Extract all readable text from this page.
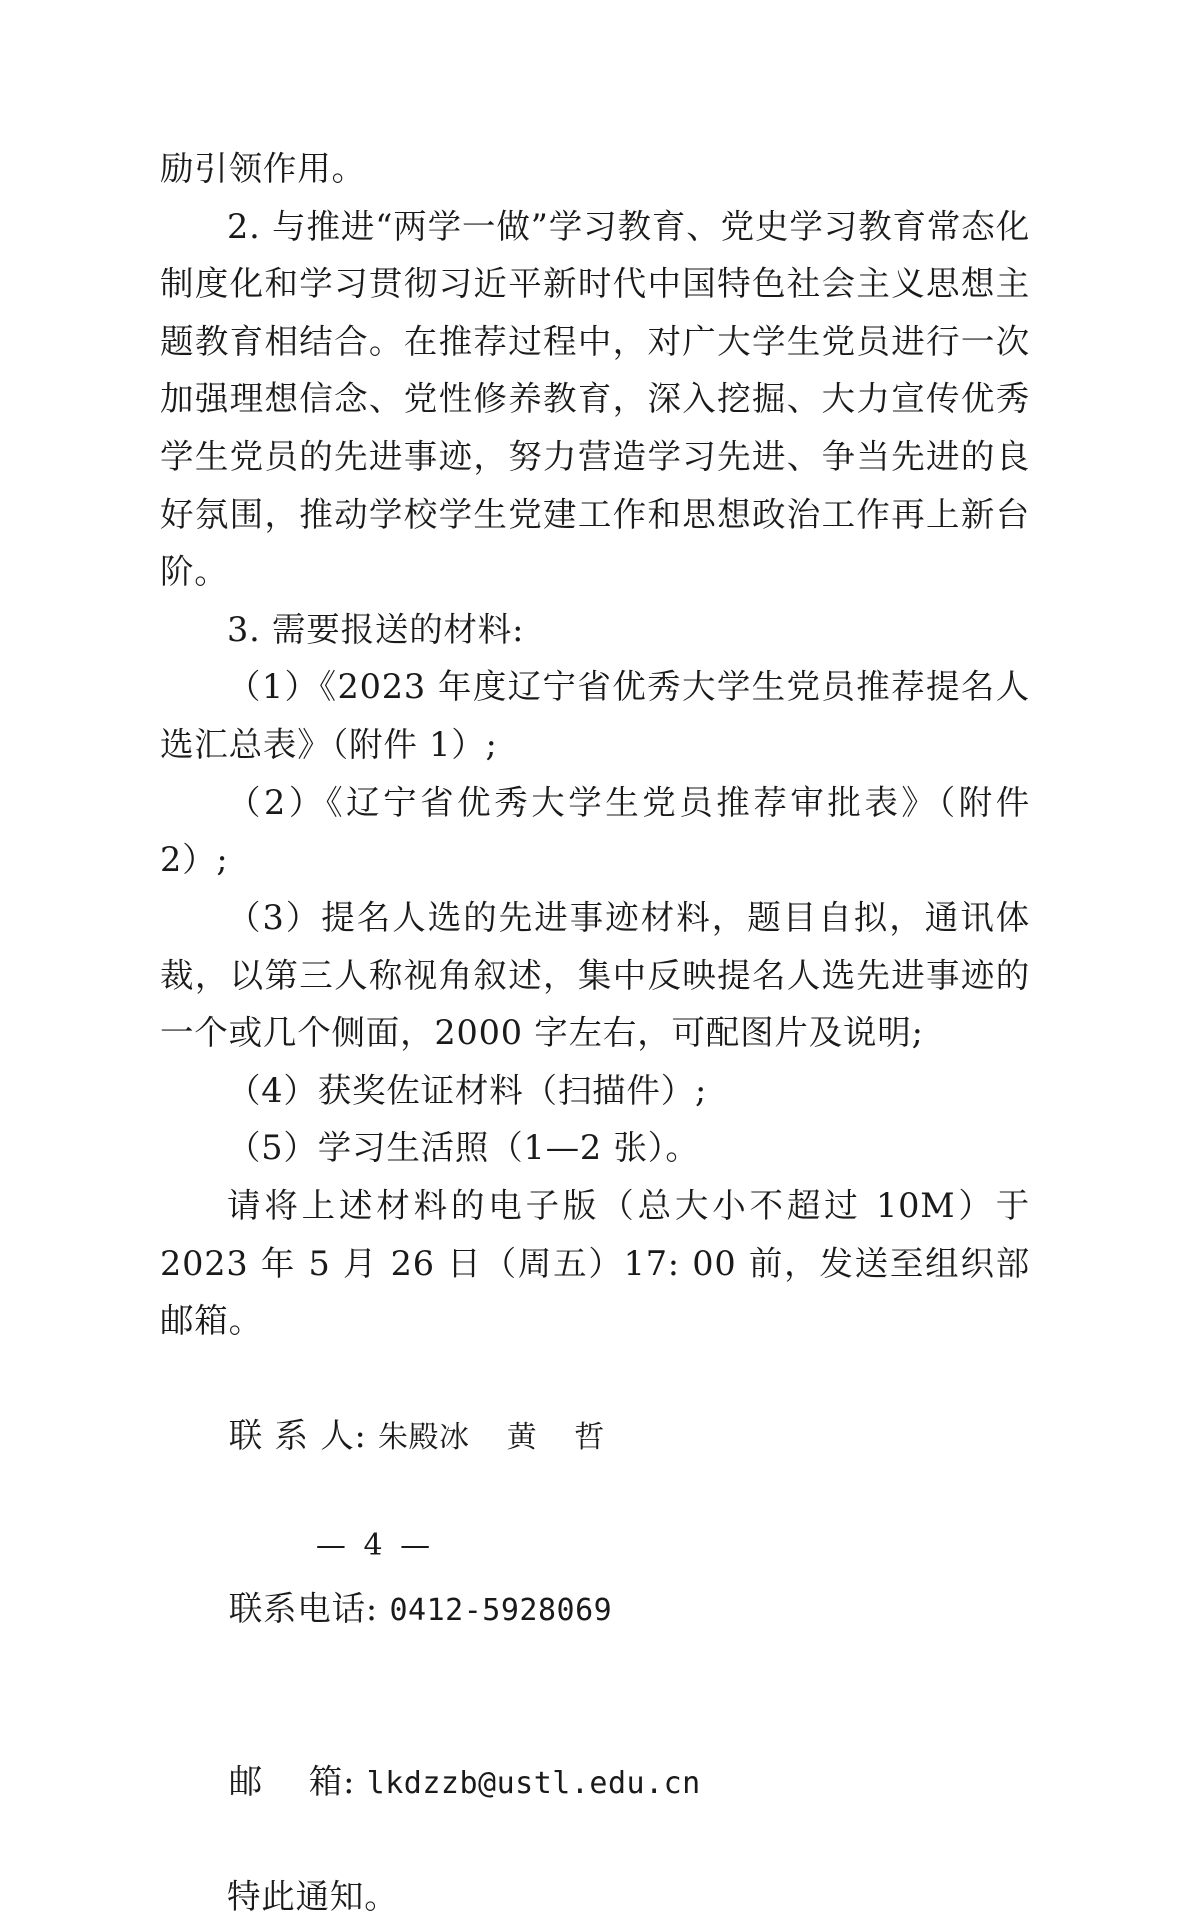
励引领作用。

2. 与推进“两学一做”学习教育、党史学习教育常态化制度化和学习贯彻习近平新时代中国特色社会主义思想主题教育相结合。在推荐过程中，对广大学生党员进行一次加强理想信念、党性修养教育，深入挖掘、大力宣传优秀学生党员的先进事迹，努力营造学习先进、争当先进的良好氛围，推动学校学生党建工作和思想政治工作再上新台阶。

3. 需要报送的材料:

（1）《2023 年度辽宁省优秀大学生党员推荐提名人选汇总表》（附件 1）;

（2）《辽宁省优秀大学生党员推荐审批表》（附件 2）;

（3）提名人选的先进事迹材料，题目自拟，通讯体裁，以第三人称视角叙述，集中反映提名人选先进事迹的一个或几个侧面，2000 字左右，可配图片及说明;

（4）获奖佐证材料（扫描件）;

（5）学习生活照（1—2 张）。

请将上述材料的电子版（总大小不超过 10M）于 2023 年 5 月 26 日（周五）17: 00 前，发送至组织部邮箱。

联 系 人: 朱殿冰  黄  哲

联系电话: 0412-5928069

邮    箱: lkdzzb@ustl.edu.cn

特此通知。

— 4 —
